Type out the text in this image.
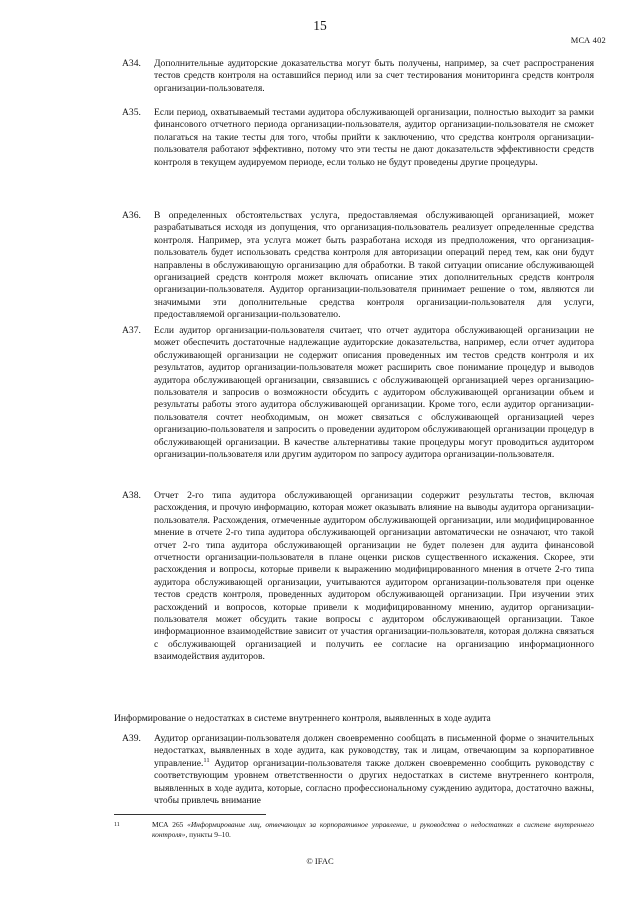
15
МСА 402
A34. Дополнительные аудиторские доказательства могут быть получены, например, за счет распространения тестов средств контроля на оставшийся период или за счет тестирования мониторинга средств контроля организации-пользователя.
A35. Если период, охватываемый тестами аудитора обслуживающей организации, полностью выходит за рамки финансового отчетного периода организации-пользователя, аудитор организации-пользователя не сможет полагаться на такие тесты для того, чтобы прийти к заключению, что средства контроля организации-пользователя работают эффективно, потому что эти тесты не дают доказательств эффективности средств контроля в текущем аудируемом периоде, если только не будут проведены другие процедуры.
A36. В определенных обстоятельствах услуга, предоставляемая обслуживающей организацией, может разрабатываться исходя из допущения, что организация-пользователь реализует определенные средства контроля. Например, эта услуга может быть разработана исходя из предположения, что организация-пользователь будет использовать средства контроля для авторизации операций перед тем, как они будут направлены в обслуживающую организацию для обработки. В такой ситуации описание обслуживающей организацией средств контроля может включать описание этих дополнительных средств контроля организации-пользователя. Аудитор организации-пользователя принимает решение о том, являются ли значимыми эти дополнительные средства контроля организации-пользователя для услуги, предоставляемой организации-пользователю.
A37. Если аудитор организации-пользователя считает, что отчет аудитора обслуживающей организации не может обеспечить достаточные надлежащие аудиторские доказательства, например, если отчет аудитора обслуживающей организации не содержит описания проведенных им тестов средств контроля и их результатов, аудитор организации-пользователя может расширить свое понимание процедур и выводов аудитора обслуживающей организации, связавшись с обслуживающей организацией через организацию-пользователя и запросив о возможности обсудить с аудитором обслуживающей организации объем и результаты работы этого аудитора обслуживающей организации. Кроме того, если аудитор организации-пользователя сочтет необходимым, он может связаться с обслуживающей организацией через организацию-пользователя и запросить о проведении аудитором обслуживающей организации процедур в обслуживающей организации. В качестве альтернативы такие процедуры могут проводиться аудитором организации-пользователя или другим аудитором по запросу аудитора организации-пользователя.
A38. Отчет 2-го типа аудитора обслуживающей организации содержит результаты тестов, включая расхождения, и прочую информацию, которая может оказывать влияние на выводы аудитора организации-пользователя. Расхождения, отмеченные аудитором обслуживающей организации, или модифицированное мнение в отчете 2-го типа аудитора обслуживающей организации автоматически не означают, что такой отчет 2-го типа аудитора обслуживающей организации не будет полезен для аудита финансовой отчетности организации-пользователя в плане оценки рисков существенного искажения. Скорее, эти расхождения и вопросы, которые привели к выражению модифицированного мнения в отчете 2-го типа аудитора обслуживающей организации, учитываются аудитором организации-пользователя при оценке тестов средств контроля, проведенных аудитором обслуживающей организации. При изучении этих расхождений и вопросов, которые привели к модифицированному мнению, аудитор организации-пользователя может обсудить такие вопросы с аудитором обслуживающей организации. Такое информационное взаимодействие зависит от участия организации-пользователя, которая должна связаться с обслуживающей организацией и получить ее согласие на организацию информационного взаимодействия аудиторов.
Информирование о недостатках в системе внутреннего контроля, выявленных в ходе аудита
A39. Аудитор организации-пользователя должен своевременно сообщать в письменной форме о значительных недостатках, выявленных в ходе аудита, как руководству, так и лицам, отвечающим за корпоративное управление.$^{11}$ Аудитор организации-пользователя также должен своевременно сообщить руководству с соответствующим уровнем ответственности о других недостатках в системе внутреннего контроля, выявленных в ходе аудита, которые, согласно профессиональному суждению аудитора, достаточно важны, чтобы привлечь внимание
11	МСА 265 «Информирование лиц, отвечающих за корпоративное управление, и руководства о недостатках в системе внутреннего контроля», пункты 9–10.
© IFAC
